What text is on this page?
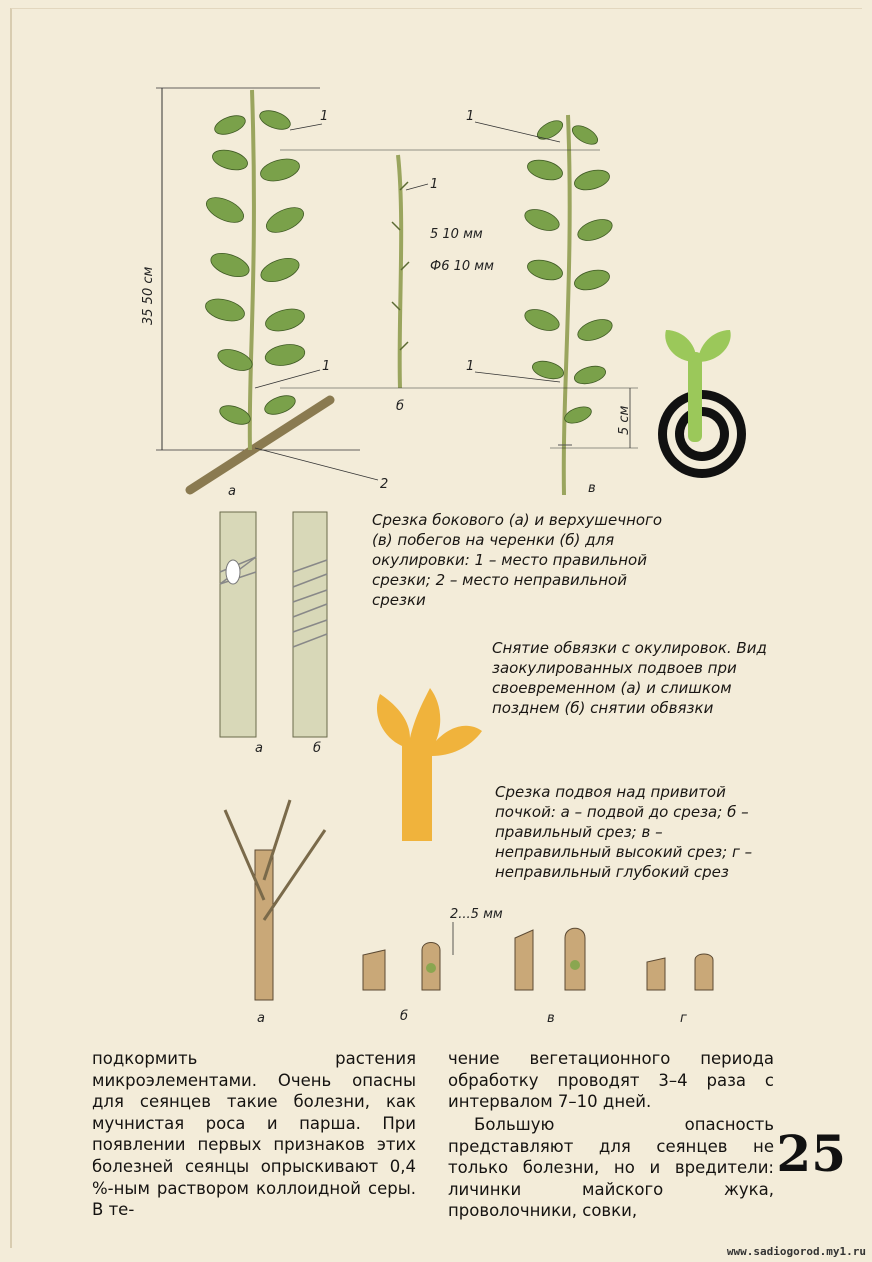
35 50 см
1
1
2
а
1
5 10 мм
Ф6 10 мм
б
1
1
5 см
в
Срезка бокового (а) и верхушечного (в) побегов на черенки (б) для окулировки: 1 – место правильной срезки; 2 – место неправильной срезки
а	б
Снятие обвязки с окулировок. Вид заокулированных подвоев при своевременном (а) и слишком позднем (б) снятии обвязки
Срезка подвоя над привитой почкой: а – подвой до среза; б – правильный срез; в – неправильный высокий срез; г – неправильный глубокий срез
а	б
2...5 мм
в	г
подкормить растения микроэлементами. Очень опасны для сеянцев такие болезни, как мучнистая роса и парша. При появлении первых признаков этих болезней сеянцы опрыскивают 0,4 %-ным раствором коллоидной серы. В те-
чение вегетационного периода обработку проводят 3–4 раза с интервалом 7–10 дней.
Большую опасность представляют для сеянцев не только болезни, но и вредители: личинки майского жука, проволочники, совки,
25
www.sadiogorod.my1.ru
